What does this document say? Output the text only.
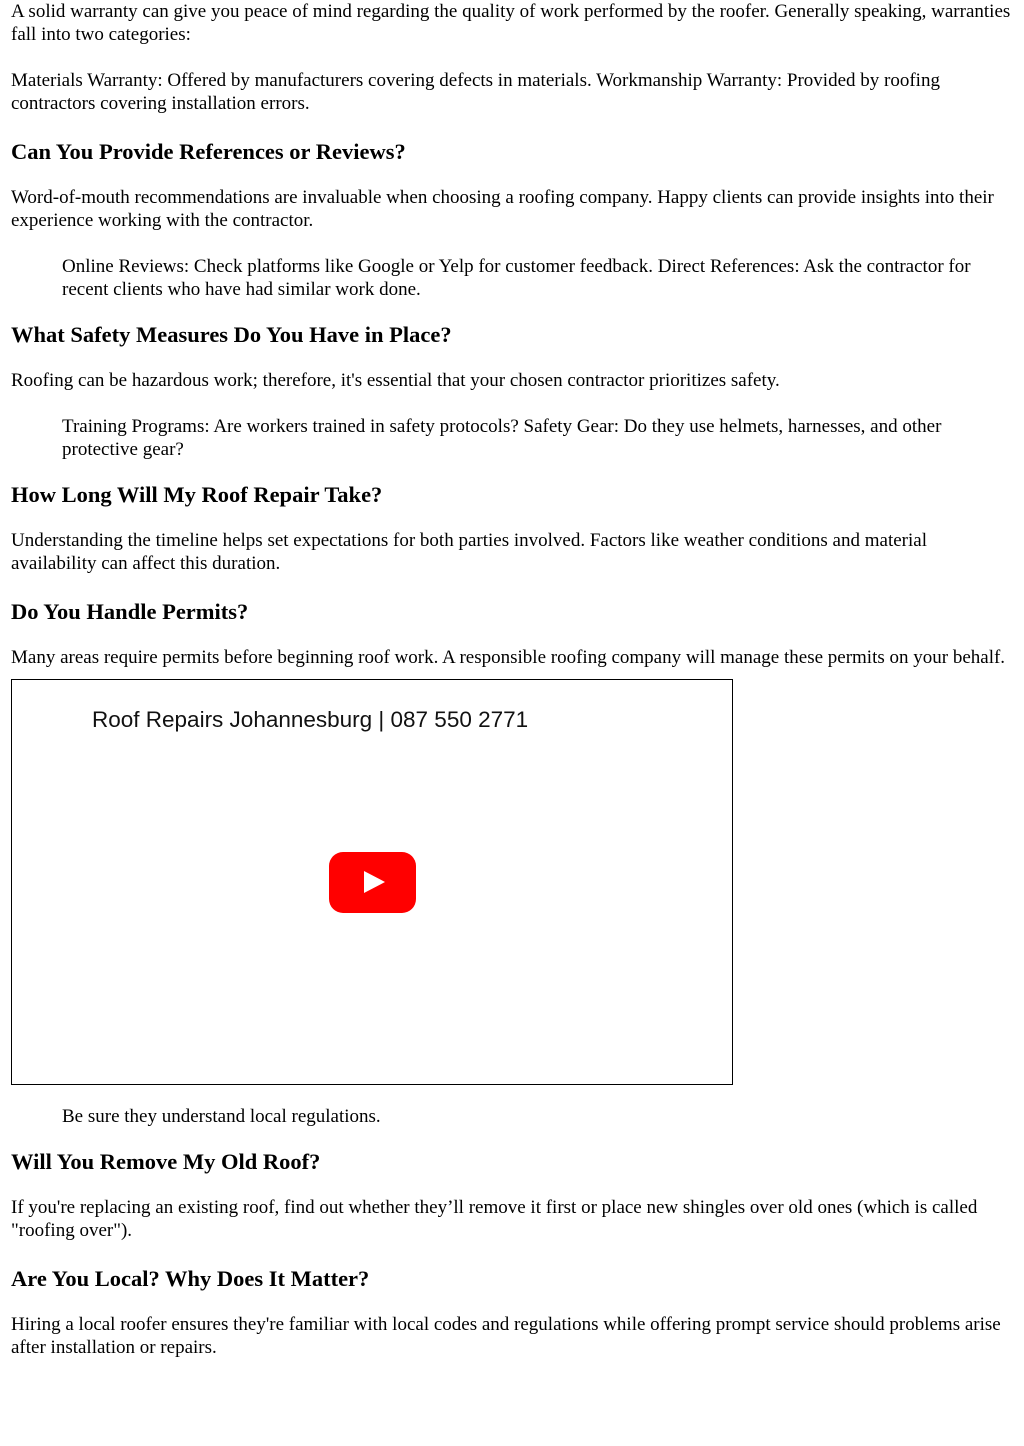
A solid warranty can give you peace of mind regarding the quality of work performed by the roofer. Generally speaking, warranties fall into two categories:

Materials Warranty: Offered by manufacturers covering defects in materials. Workmanship Warranty: Provided by roofing contractors covering installation errors.

Can You Provide References or Reviews?

Word-of-mouth recommendations are invaluable when choosing a roofing company. Happy clients can provide insights into their experience working with the contractor.

Online Reviews: Check platforms like Google or Yelp for customer feedback. Direct References: Ask the contractor for recent clients who have had similar work done.

What Safety Measures Do You Have in Place?

Roofing can be hazardous work; therefore, it's essential that your chosen contractor prioritizes safety.

Training Programs: Are workers trained in safety protocols? Safety Gear: Do they use helmets, harnesses, and other protective gear?

How Long Will My Roof Repair Take?

Understanding the timeline helps set expectations for both parties involved. Factors like weather conditions and material availability can affect this duration.

Do You Handle Permits?

Many areas require permits before beginning roof work. A responsible roofing company will manage these permits on your behalf.

Roof Repairs Johannesburg | 087 550 2771

Be sure they understand local regulations.

Will You Remove My Old Roof?

If you're replacing an existing roof, find out whether they’ll remove it first or place new shingles over old ones (which is called "roofing over").

Are You Local? Why Does It Matter?

Hiring a local roofer ensures they're familiar with local codes and regulations while offering prompt service should problems arise after installation or repairs.
